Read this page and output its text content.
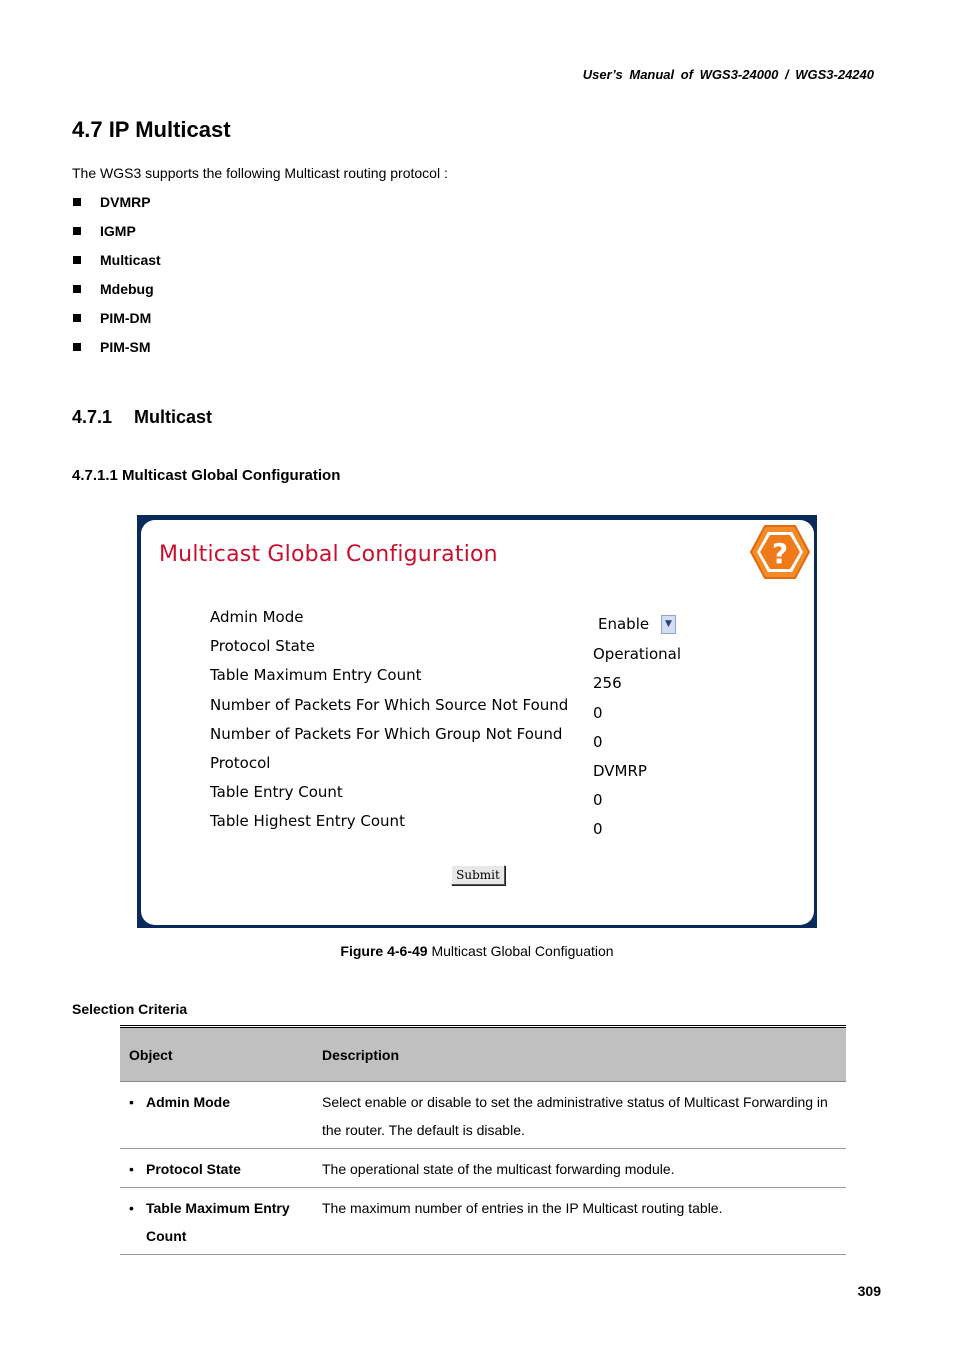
User’s Manual of WGS3-24000 / WGS3-24240
4.7 IP Multicast
The WGS3 supports the following Multicast routing protocol :
DVMRP
IGMP
Multicast
Mdebug
PIM-DM
PIM-SM
4.7.1 Multicast
4.7.1.1 Multicast Global Configuration
Multicast Global Configuration	?
Admin Mode	Enable	▼
Protocol State	Operational
Table Maximum Entry Count	256
Number of Packets For Which Source Not Found 0
Number of Packets For Which Group Not Found 0
Protocol	DVMRP
Table Entry Count	0
Table Highest Entry Count	0
Submit
Figure 4-6-49 Multicast Global Configuation
Selection Criteria
Object	Description

• Admin Mode	Select enable or disable to set the administrative status of Multicast Forwarding in the router. The default is disable.

• Protocol State	The operational state of the multicast forwarding module.

• Table Maximum Entry Count	The maximum number of entries in the IP Multicast routing table.
309
